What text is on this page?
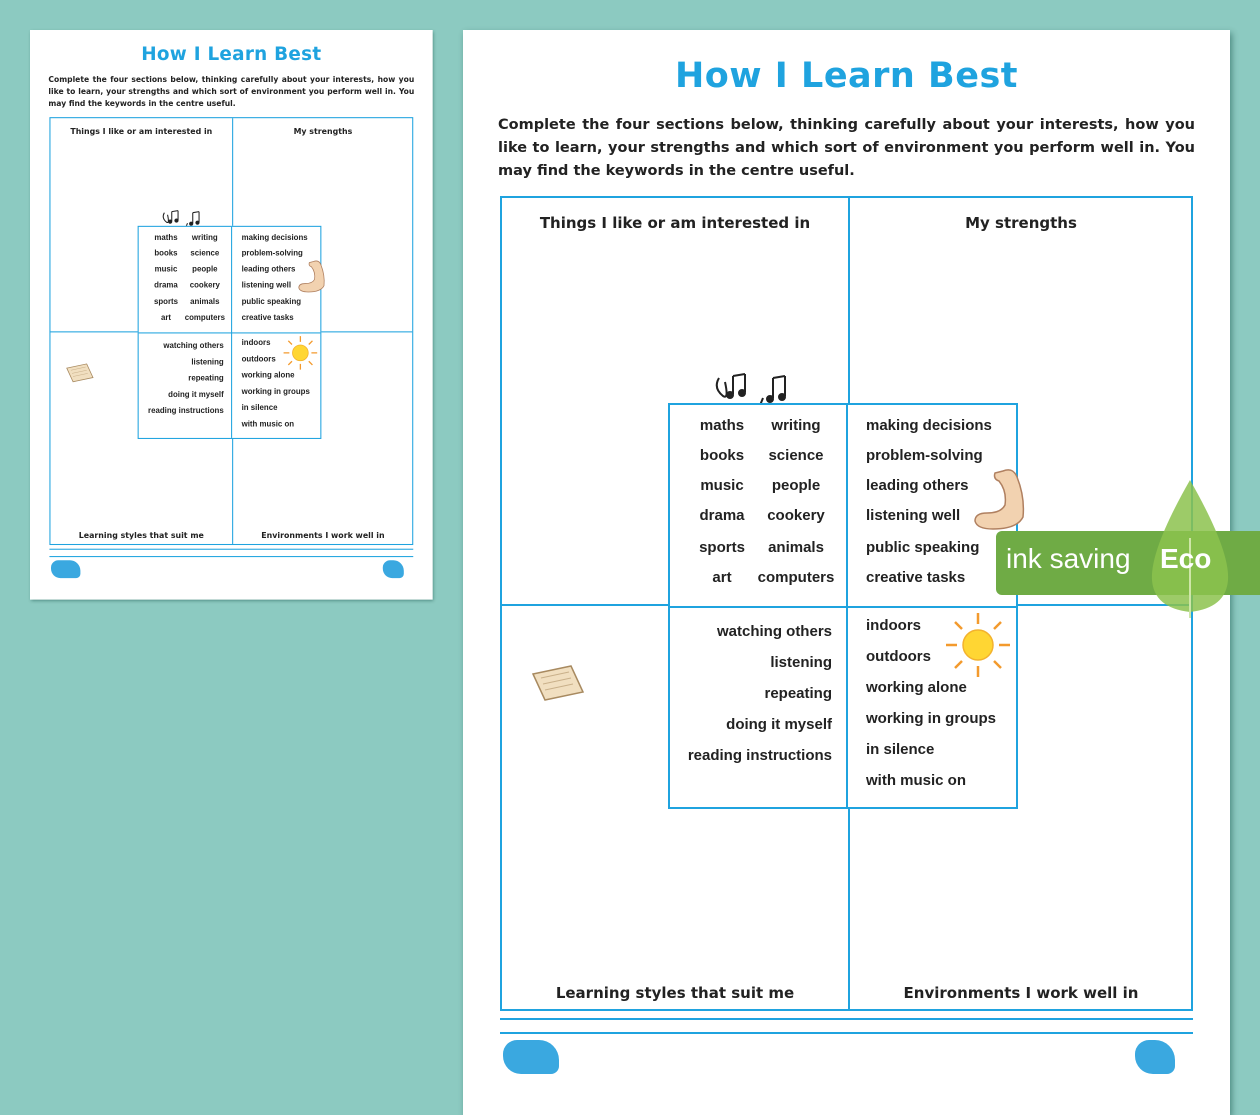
How I Learn Best
Complete the four sections below, thinking carefully about your interests, how you like to learn, your strengths and which sort of environment you perform well in. You may find the keywords in the centre useful.
Things I like or am interested in	My strengths
Learning styles that suit me	Environments I work well in
maths writing
books science
music people
drama cookery
sports animals
art computers
making decisions
problem-solving
leading others
listening well
public speaking
creative tasks
watching others
listening
repeating
doing it myself
reading instructions
indoors
outdoors
working alone
working in groups
in silence
with music on
How I Learn Best
Complete the four sections below, thinking carefully about your interests, how you like to learn, your strengths and which sort of environment you perform well in. You may find the keywords in the centre useful.
Things I like or am interested in	My strengths
Learning styles that suit me	Environments I work well in
maths	writing
books	science
music	people
drama	cookery
sports	animals
art	computers
making decisions
problem-solving
leading others
listening well
public speaking
creative tasks
watching others
listening
repeating
doing it myself
reading instructions
indoors
outdoors
working alone
working in groups
in silence
with music on
ink saving Eco
